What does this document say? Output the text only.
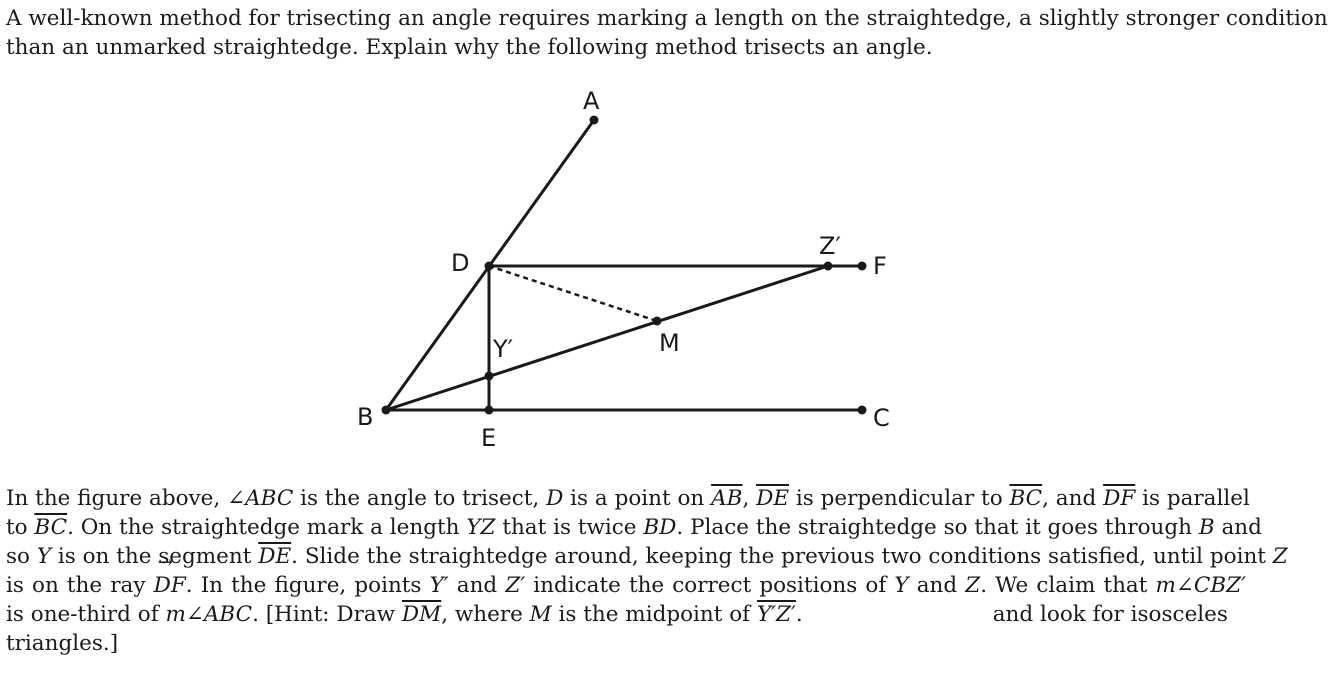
A well-known method for trisecting an angle requires marking a length on the straightedge, a slightly stronger condition
than an unmarked straightedge. Explain why the following method trisects an angle.
A
B	C
D
E
F
M
Y′
Z′
In the figure above, ∠ABC is the angle to trisect, D is a point on $\overline{AB}$, $\overline{DE}$ is perpendicular to $\overline{BC}$, and $\overline{DF}$ is parallel
to $\overline{BC}$. On the straightedge mark a length YZ that is twice BD. Place the straightedge so that it goes through B and
so Y is on the segment $\overline{DE}$. Slide the straightedge around, keeping the previous two conditions satisfied, until point Z
is on the ray → DF. In the figure, points Y′ and Z′ indicate the correct positions of Y and Z. We claim that m∠CBZ′
is one-third of m∠ABC. [Hint: Draw $\overline{DM}$, where M is the midpoint of Y′Z′.	and look for isosceles
triangles.]
